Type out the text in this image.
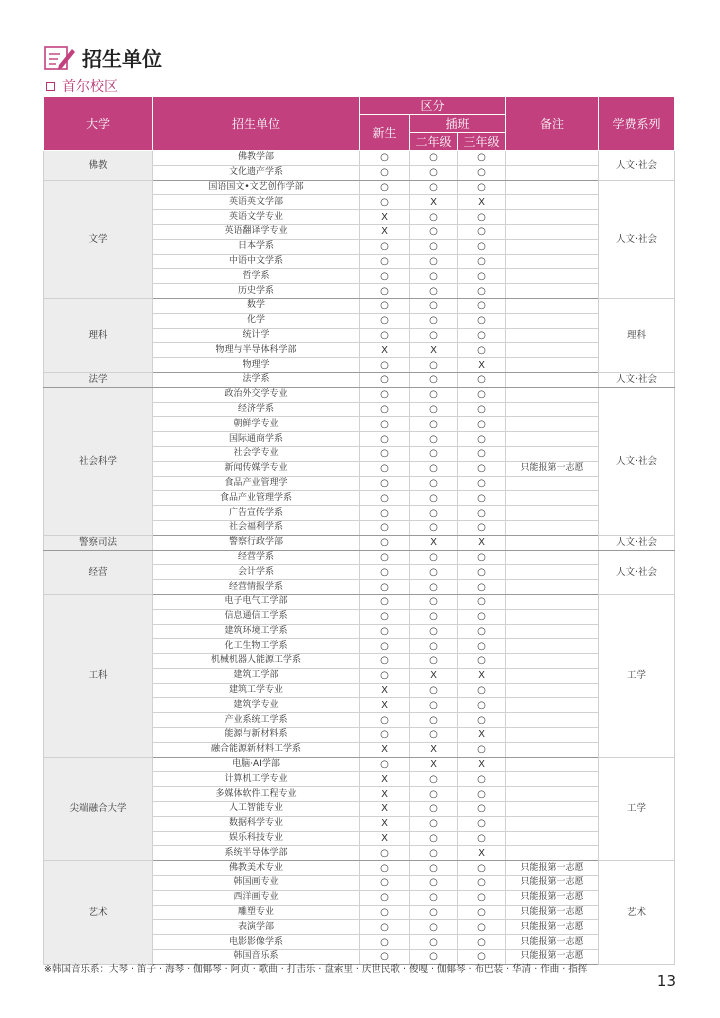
招生单位
首尔校区
大学	招生单位	区分			备注	学费系列
		新生	插班			
			二年级	三年级		
佛教	佛教学部	○	○	○		人文·社会
	文化遗产学系	○	○	○		
文学	国语国文•文艺创作学部	○	○	○		人文·社会
	英语英文学部	○	X	X		
	英语文学专业	X	○	○		
	英语翻译学专业	X	○	○		
	日本学系	○	○	○		
	中语中文学系	○	○	○		
	哲学系	○	○	○		
	历史学系	○	○	○		
理科	数学	○	○	○		理科
	化学	○	○	○		
	统计学	○	○	○		
	物理与半导体科学部	X	X	○		
	物理学	○	○	X		
法学	法学系	○	○	○		人文·社会
社会科学	政治外交学专业	○	○	○		人文·社会
	经济学系	○	○	○		
	朝鲜学专业	○	○	○		
	国际通商学系	○	○	○		
	社会学专业	○	○	○		
	新闻传媒学专业	○	○	○	只能报第一志愿	
	食品产业管理学	○	○	○		
	食品产业管理学系	○	○	○		
	广告宣传学系	○	○	○		
	社会福利学系	○	○	○		
警察司法	警察行政学部	○	X	X		人文·社会
经营	经营学系	○	○	○		人文·社会
	会计学系	○	○	○		
	经营情报学系	○	○	○		
工科	电子电气工学部	○	○	○		工学
	信息通信工学系	○	○	○		
	建筑环境工学系	○	○	○		
	化工生物工学系	○	○	○		
	机械机器人能源工学系	○	○	○		
	建筑工学部	○	X	X		
	建筑工学专业	X	○	○		
	建筑学专业	X	○	○		
	产业系统工学系	○	○	○		
	能源与新材料系	○	○	X		
	融合能源新材料工学系	X	X	○		
尖端融合大学	电脑·AI学部	○	X	X		工学
	计算机工学专业	X	○	○		
	多媒体软件工程专业	X	○	○		
	人工智能专业	X	○	○		
	数据科学专业	X	○	○		
	娱乐科技专业	X	○	○		
	系统半导体学部	○	○	X		
艺术	佛教美术专业	○	○	○	只能报第一志愿	艺术
	韩国画专业	○	○	○	只能报第一志愿	
	西洋画专业	○	○	○	只能报第一志愿	
	雕塑专业	○	○	○	只能报第一志愿	
	表演学部	○	○	○	只能报第一志愿	
	电影影像学系	○	○	○	只能报第一志愿	
	韩国音乐系	○	○	○	只能报第一志愿	
※韩国音乐系：大琴 · 笛子 · 海琴 · 伽倻琴 · 阿贞 · 歌曲 · 打击乐 · 盘索里 · 庆世民歌 · 俊嘎 · 伽倻琴 · 布巴装 · 华清 · 作曲 · 指挥
13
